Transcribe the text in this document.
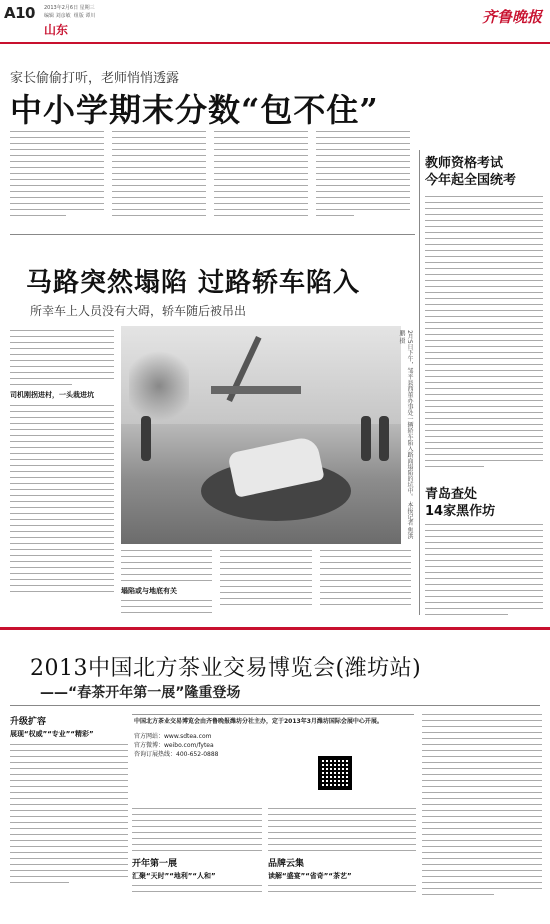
A10 2013年2月6日 星期三
编辑 刘彦敏  组版 谭川
山东
齐鲁晚报
家长偷偷打听，老师悄悄透露
中小学期末分数“包不住”
教师资格考试
今年起全国统考
青岛查处
14家黑作坊
马路突然塌陷 过路轿车陷入
所幸车上人员没有大碍，轿车随后被吊出
司机刚拐进村，一头栽进坑	2月5日下午，邹平县西董办事处一辆轿车陷入路面塌陷的坑中。 本报记者 焦洪鹏 摄
塌陷或与地底有关
2013中国北方茶业交易博览会(潍坊站)
——“春茶开年第一展”隆重登场
升级扩容
展现“权威”“专业”“精彩”
中国北方茶业交易博览会由齐鲁晚报潍坊分社主办，定于2013年3月潍坊国际会展中心开展。
官方网站：www.sdtea.com
官方微博：weibo.com/fytea
咨询订展热线：400-652-0888
开年第一展
汇聚“天时”“地利”“人和”
品牌云集
读解“盛宴”“省奇”“茶艺”
